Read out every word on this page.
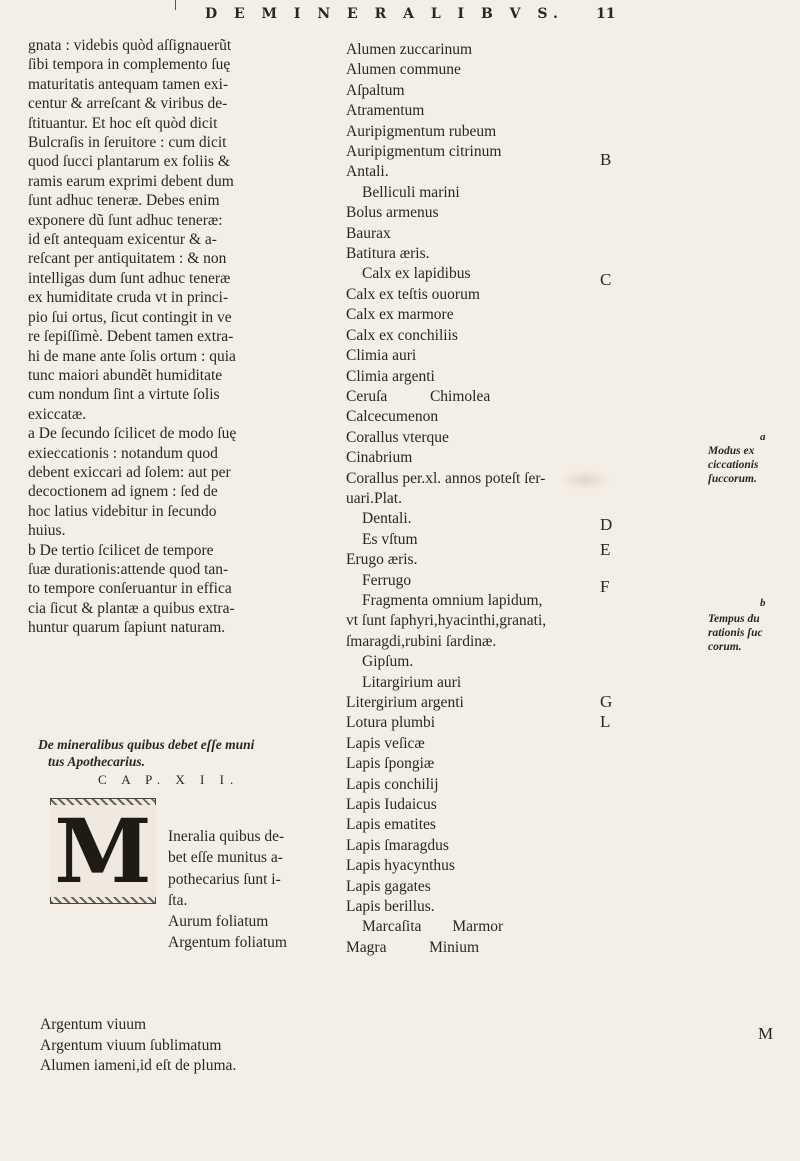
D E M I N E R A L I B V S.	11
gnata : videbis quòd aſſignauerũt
ſibi tempora in complemento ſuę
maturitatis antequam tamen exi-
centur & arreſcant & viribus de-
ſtituantur. Et hoc eſt quòd dicit
Bulcraſis in ſeruitore : cum dicit
quod ſucci plantarum ex foliis &
ramis earum exprimi debent dum
ſunt adhuc teneræ. Debes enim
exponere dũ ſunt adhuc teneræ:
id eſt antequam exicentur & a-
reſcant per antiquitatem : & non
intelligas dum ſunt adhuc teneræ
ex humiditate cruda vt in princi-
pio ſui ortus, ſicut contingit in ve
re ſepiſſimè. Debent tamen extra-
hi de mane ante ſolis ortum : quia
tunc maiori abundẽt humiditate
cum nondum ſint a virtute ſolis
exiccatæ.
a De ſecundo ſcilicet de modo ſuę
exieccationis : notandum quod
debent exiccari ad ſolem: aut per
decoctionem ad ignem : ſed de
hoc latius videbitur in ſecundo
huius.
b De tertio ſcilicet de tempore
ſuæ durationis:attende quod tan-
to tempore conſeruantur in effica
cia ſicut & plantæ a quibus extra-
huntur quarum ſapiunt naturam.
De mineralibus quibus debet eſſe muni
tus Apothecarius.
C A P. X I I.
M Ineralia quibus de-
bet eſſe munitus a-
pothecarius ſunt i-
ſta.
Aurum foliatum
Argentum foliatum
Argentum viuum
Argentum viuum ſublimatum
Alumen iameni,id eſt de pluma.
Alumen zuccarinum
Alumen commune
Aſpaltum
Atramentum
Auripigmentum rubeum
Auripigmentum citrinum
Antali.
Belliculi marini
Bolus armenus
Baurax
Batitura æris.
Calx ex lapidibus
Calx ex teſtis ouorum
Calx ex marmore
Calx ex conchiliis
Climia auri
Climia argenti
Ceruſa           Chimolea
Calcecumenon
Corallus vterque
Cinabrium
Corallus per.xl. annos poteſt ſer-
uari.Plat.
Dentali.
Es vſtum
Erugo æris.
Ferrugo
Fragmenta omnium lapidum,
vt ſunt ſaphyri,hyacinthi,granati,
ſmaragdi,rubini ſardinæ.
Gipſum.
Litargirium auri
Litergirium argenti
Lotura plumbi
Lapis veſicæ
Lapis ſpongiæ
Lapis conchilij
Lapis Iudaicus
Lapis ematites
Lapis ſmaragdus
Lapis hyacynthus
Lapis gagates
Lapis berillus.
Marcaſita        Marmor
Magra           Minium
B
C
D
E
F
G
L
M
a
Modus ex ciccationis ſuccorum.
b
Tempus du rationis ſuc corum.
